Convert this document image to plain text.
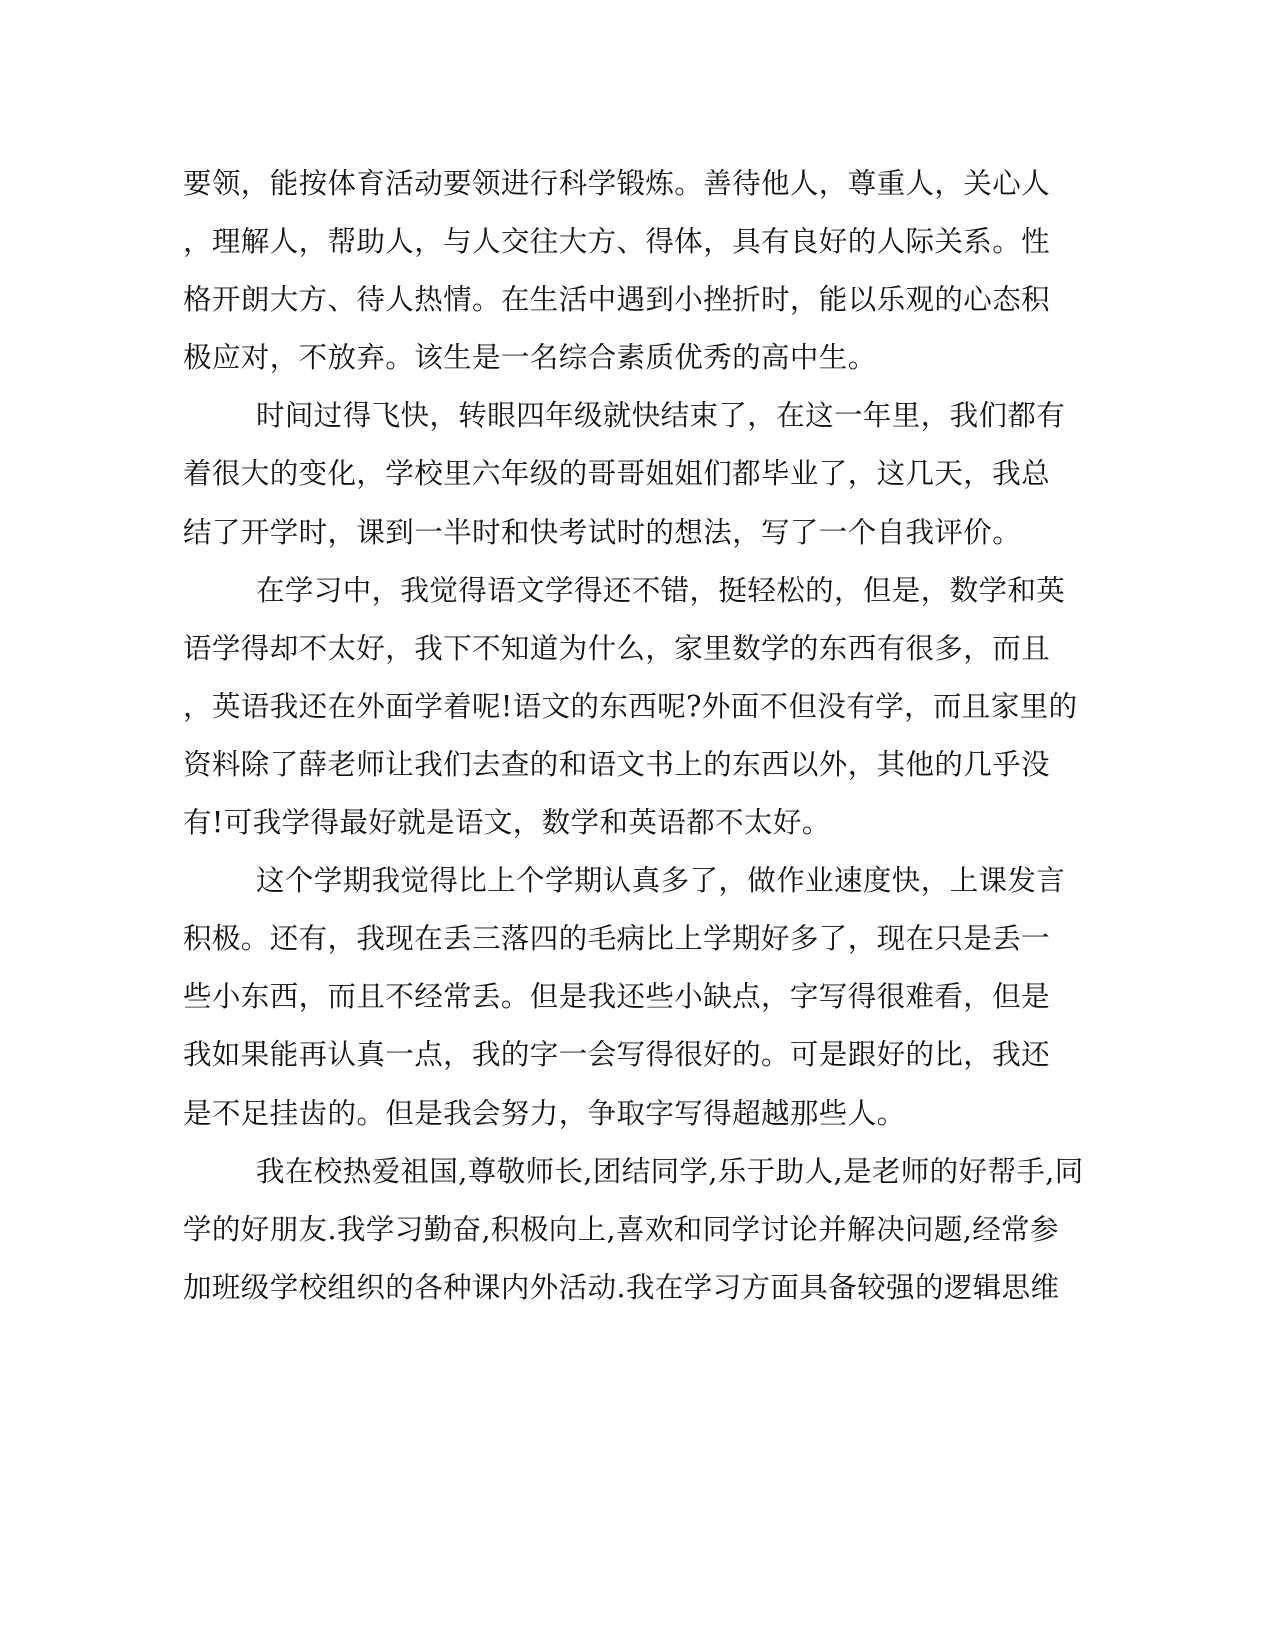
要领，能按体育活动要领进行科学锻炼。善待他人，尊重人，关心人
，理解人，帮助人，与人交往大方、得体，具有良好的人际关系。性
格开朗大方、待人热情。在生活中遇到小挫折时，能以乐观的心态积
极应对，不放弃。该生是一名综合素质优秀的高中生。
时间过得飞快，转眼四年级就快结束了，在这一年里，我们都有
着很大的变化，学校里六年级的哥哥姐姐们都毕业了，这几天，我总
结了开学时，课到一半时和快考试时的想法，写了一个自我评价。
在学习中，我觉得语文学得还不错，挺轻松的，但是，数学和英
语学得却不太好，我下不知道为什么，家里数学的东西有很多，而且
，英语我还在外面学着呢!语文的东西呢?外面不但没有学，而且家里的
资料除了薛老师让我们去查的和语文书上的东西以外，其他的几乎没
有!可我学得最好就是语文，数学和英语都不太好。
这个学期我觉得比上个学期认真多了，做作业速度快，上课发言
积极。还有，我现在丢三落四的毛病比上学期好多了，现在只是丢一
些小东西，而且不经常丢。但是我还些小缺点，字写得很难看，但是
我如果能再认真一点，我的字一会写得很好的。可是跟好的比，我还
是不足挂齿的。但是我会努力，争取字写得超越那些人。
我在校热爱祖国,尊敬师长,团结同学,乐于助人,是老师的好帮手,同
学的好朋友.我学习勤奋,积极向上,喜欢和同学讨论并解决问题,经常参
加班级学校组织的各种课内外活动.我在学习方面具备较强的逻辑思维
